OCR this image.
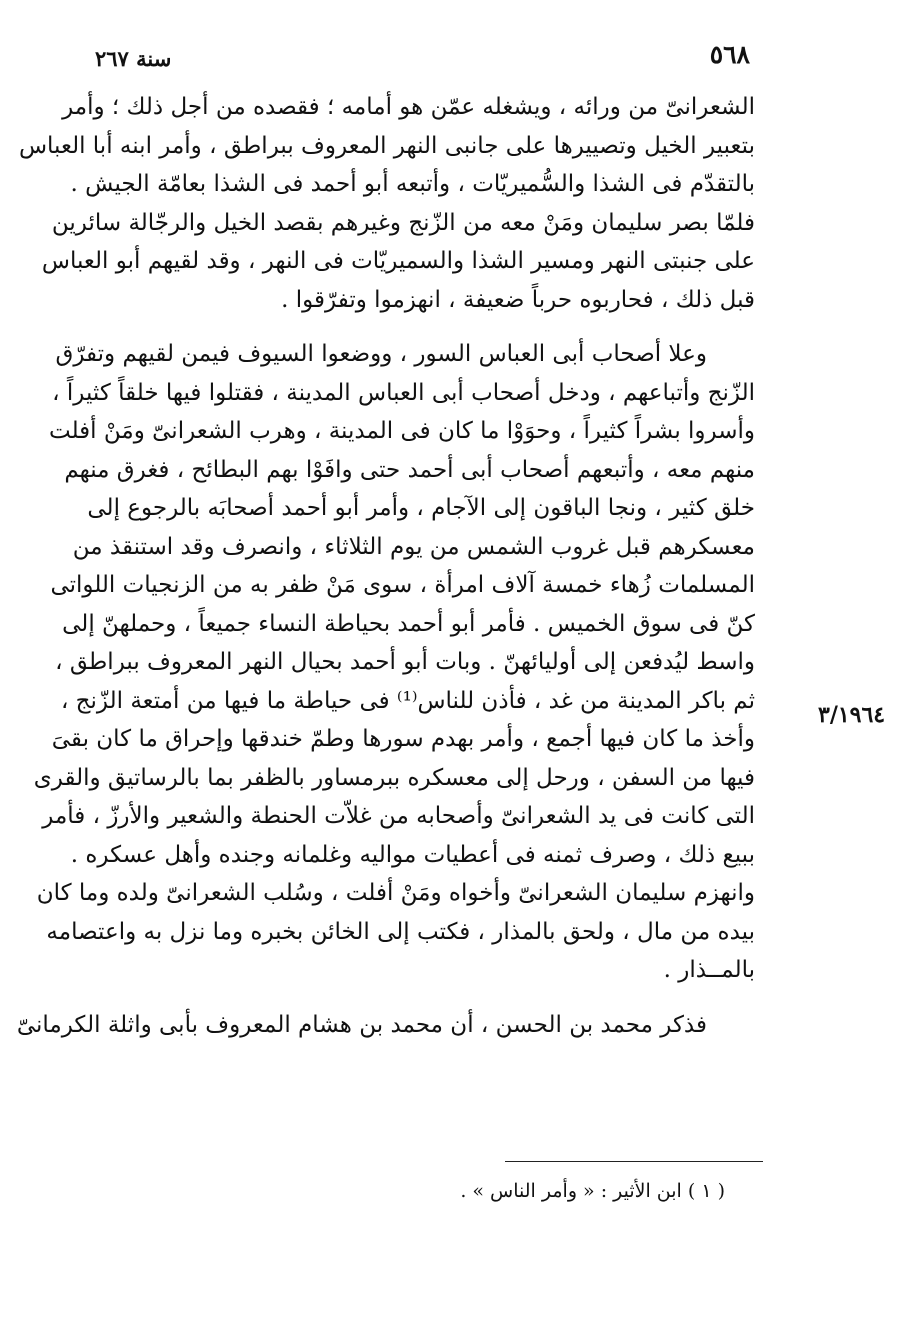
٥٦٨
سنة ٢٦٧
الشعرانىّ من ورائه ، ويشغله عمّن هو أمامه ؛ فقصده من أجل ذلك ؛ وأمر
بتعبير الخيل وتصييرها على جانبى النهر المعروف ببراطق ، وأمر ابنه أبا العباس
بالتقدّم فى الشذا والسُّميريّات ، وأتبعه أبو أحمد فى الشذا بعامّة الجيش .
فلمّا بصر سليمان ومَنْ معه من الزّنج وغيرهم بقصد الخيل والرجّالة سائرين
على جنبتى النهر ومسير الشذا والسميريّات فى النهر ، وقد لقيهم أبو العباس
قبل ذلك ، فحاربوه حرباً ضعيفة ، انهزموا وتفرّقوا .
وعلا أصحاب أبى العباس السور ، ووضعوا السيوف فيمن لقيهم وتفرّق
الزّنج وأتباعهم ، ودخل أصحاب أبى العباس المدينة ، فقتلوا فيها خلقاً كثيراً ،
وأسروا بشراً كثيراً ، وحوَوْا ما كان فى المدينة ، وهرب الشعرانىّ ومَنْ أفلت
منهم معه ، وأتبعهم أصحاب أبى أحمد حتى وافَوْا بهم البطائح ، فغرق منهم
خلق كثير ، ونجا الباقون إلى الآجام ، وأمر أبو أحمد أصحابَه بالرجوع إلى
معسكرهم قبل غروب الشمس من يوم الثلاثاء ، وانصرف وقد استنقذ من
المسلمات زُهاء خمسة آلاف امرأة ، سوى مَنْ ظفر به من الزنجيات اللواتى
كنّ فى سوق الخميس . فأمر أبو أحمد بحياطة النساء جميعاً ، وحملهنّ إلى
واسط ليُدفعن إلى أوليائهنّ . وبات أبو أحمد بحيال النهر المعروف ببراطق ،
ثم باكر المدينة من غد ، فأذن للناس⁽¹⁾ فى حياطة ما فيها من أمتعة الزّنج ،
وأخذ ما كان فيها أجمع ، وأمر بهدم سورها وطمّ خندقها وإحراق ما كان بقىَ
فيها من السفن ، ورحل إلى معسكره ببرمساور بالظفر بما بالرساتيق والقرى
التى كانت فى يد الشعرانىّ وأصحابه من غلاّت الحنطة والشعير والأرزّ ، فأمر
ببيع ذلك ، وصرف ثمنه فى أعطيات مواليه وغلمانه وجنده وأهل عسكره .
وانهزم سليمان الشعرانىّ وأخواه ومَنْ أفلت ، وسُلب الشعرانىّ ولده وما كان
بيده من مال ، ولحق بالمذار ، فكتب إلى الخائن بخبره وما نزل به واعتصامه
بالمــذار .
فذكر محمد بن الحسن ، أن محمد بن هشام المعروف بأبى واثلة الكرمانىّ
٣/١٩٦٤
( ١ ) ابن الأثير : « وأمر الناس » .
